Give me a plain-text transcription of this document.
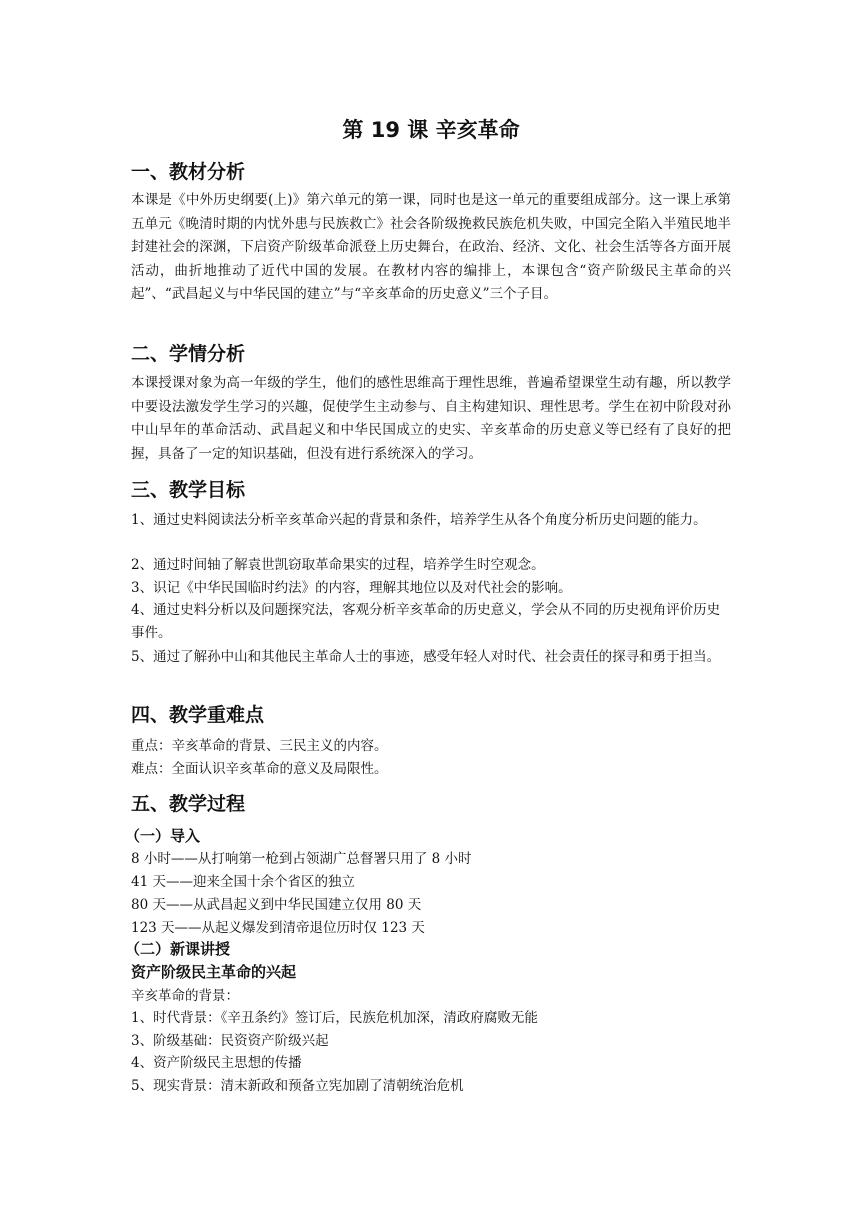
第 19 课 辛亥革命
一、教材分析
本课是《中外历史纲要(上)》第六单元的第一课，同时也是这一单元的重要组成部分。这一课上承第五单元《晚清时期的内忧外患与民族救亡》社会各阶级挽救民族危机失败，中国完全陷入半殖民地半封建社会的深渊，下启资产阶级革命派登上历史舞台，在政治、经济、文化、社会生活等各方面开展活动，曲折地推动了近代中国的发展。在教材内容的编排上，本课包含“资产阶级民主革命的兴起”、“武昌起义与中华民国的建立”与“辛亥革命的历史意义”三个子目。
二、学情分析
本课授课对象为高一年级的学生，他们的感性思维高于理性思维，普遍希望课堂生动有趣，所以教学中要设法激发学生学习的兴趣，促使学生主动参与、自主构建知识、理性思考。学生在初中阶段对孙中山早年的革命活动、武昌起义和中华民国成立的史实、辛亥革命的历史意义等已经有了良好的把握，具备了一定的知识基础，但没有进行系统深入的学习。
三、教学目标
1、通过史料阅读法分析辛亥革命兴起的背景和条件，培养学生从各个角度分析历史问题的能力。
2、通过时间轴了解袁世凯窃取革命果实的过程，培养学生时空观念。
3、识记《中华民国临时约法》的内容，理解其地位以及对代社会的影响。
4、通过史料分析以及问题探究法，客观分析辛亥革命的历史意义，学会从不同的历史视角评价历史事件。
5、通过了解孙中山和其他民主革命人士的事迹，感受年轻人对时代、社会责任的探寻和勇于担当。
四、教学重难点
重点：辛亥革命的背景、三民主义的内容。
难点：全面认识辛亥革命的意义及局限性。
五、教学过程
（一）导入
8 小时——从打响第一枪到占领湖广总督署只用了 8 小时
41 天——迎来全国十余个省区的独立
80 天——从武昌起义到中华民国建立仅用 80 天
123 天——从起义爆发到清帝退位历时仅 123 天
（二）新课讲授
资产阶级民主革命的兴起
辛亥革命的背景：
1、时代背景：《辛丑条约》签订后，民族危机加深，清政府腐败无能
3、阶级基础：民资资产阶级兴起
4、资产阶级民主思想的传播
5、现实背景：清末新政和预备立宪加剧了清朝统治危机
